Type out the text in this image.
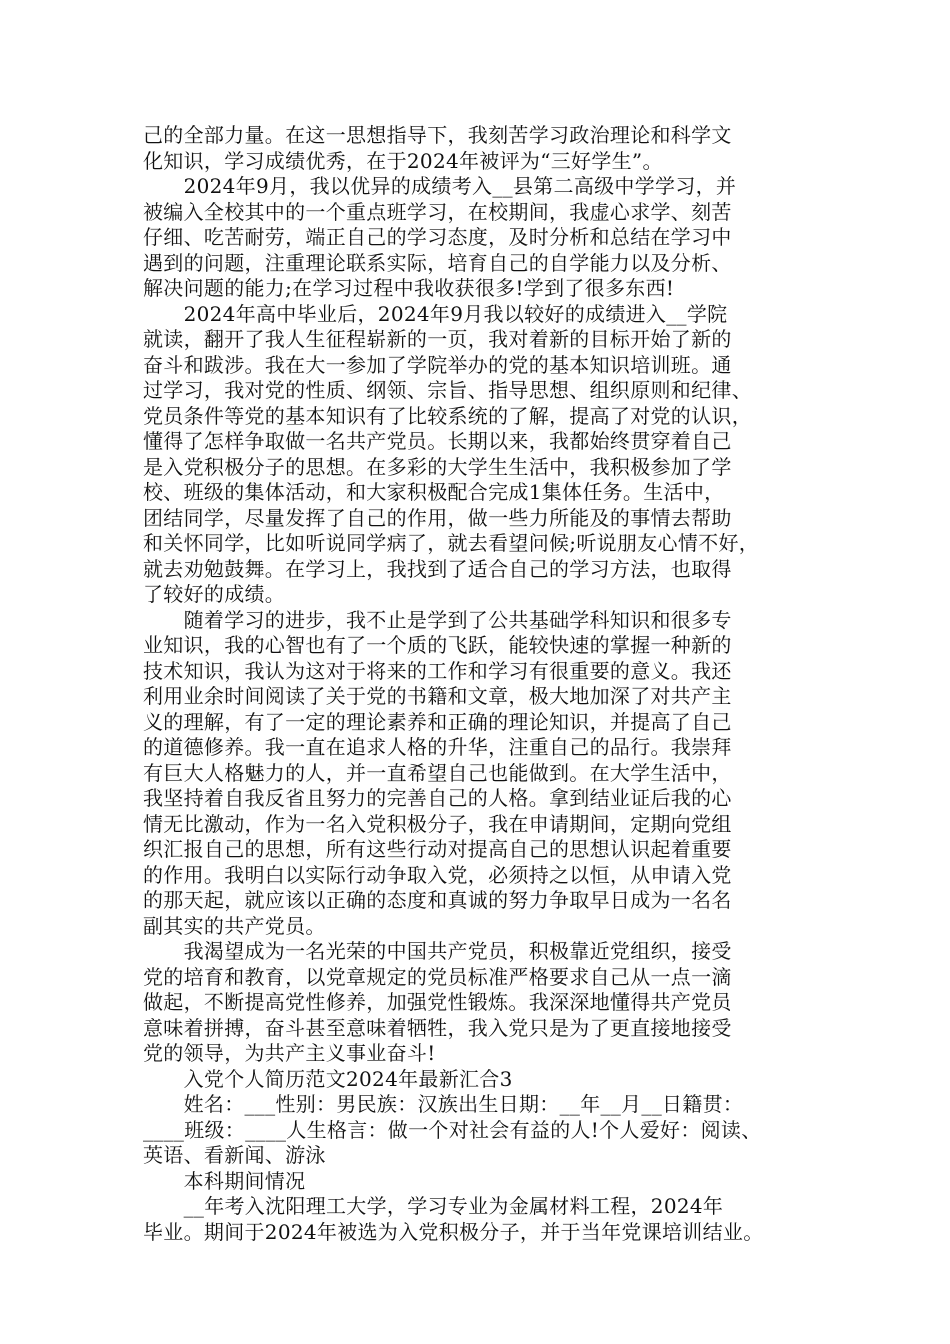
己的全部力量。在这一思想指导下，我刻苦学习政治理论和科学文

化知识，学习成绩优秀，在于2024年被评为“三好学生”。

　　2024年9月，我以优异的成绩考入__县第二高级中学学习，并

被编入全校其中的一个重点班学习，在校期间，我虚心求学、刻苦

仔细、吃苦耐劳，端正自己的学习态度，及时分析和总结在学习中

遇到的问题，注重理论联系实际，培育自己的自学能力以及分析、

解决问题的能力;在学习过程中我收获很多!学到了很多东西!

　　2024年高中毕业后，2024年9月我以较好的成绩进入__学院

就读，翻开了我人生征程崭新的一页，我对着新的目标开始了新的

奋斗和跋涉。我在大一参加了学院举办的党的基本知识培训班。通

过学习，我对党的性质、纲领、宗旨、指导思想、组织原则和纪律、

党员条件等党的基本知识有了比较系统的了解，提高了对党的认识，

懂得了怎样争取做一名共产党员。长期以来，我都始终贯穿着自己

是入党积极分子的思想。在多彩的大学生生活中，我积极参加了学

校、班级的集体活动，和大家积极配合完成1集体任务。生活中，

团结同学，尽量发挥了自己的作用，做一些力所能及的事情去帮助

和关怀同学，比如听说同学病了，就去看望问候;听说朋友心情不好，

就去劝勉鼓舞。在学习上，我找到了适合自己的学习方法，也取得

了较好的成绩。

　　随着学习的进步，我不止是学到了公共基础学科知识和很多专

业知识，我的心智也有了一个质的飞跃，能较快速的掌握一种新的

技术知识，我认为这对于将来的工作和学习有很重要的意义。我还

利用业余时间阅读了关于党的书籍和文章，极大地加深了对共产主

义的理解，有了一定的理论素养和正确的理论知识，并提高了自己

的道德修养。我一直在追求人格的升华，注重自己的品行。我崇拜

有巨大人格魅力的人，并一直希望自己也能做到。在大学生活中，

我坚持着自我反省且努力的完善自己的人格。拿到结业证后我的心

情无比激动，作为一名入党积极分子，我在申请期间，定期向党组

织汇报自己的思想，所有这些行动对提高自己的思想认识起着重要

的作用。我明白以实际行动争取入党，必须持之以恒，从申请入党

的那天起，就应该以正确的态度和真诚的努力争取早日成为一名名

副其实的共产党员。

　　我渴望成为一名光荣的中国共产党员，积极靠近党组织，接受

党的培育和教育，以党章规定的党员标准严格要求自己从一点一滴

做起，不断提高党性修养，加强党性锻炼。我深深地懂得共产党员

意味着拼搏，奋斗甚至意味着牺牲，我入党只是为了更直接地接受

党的领导，为共产主义事业奋斗!

　　入党个人简历范文2024年最新汇合3

　　姓名：___性别：男民族：汉族出生日期：__年__月__日籍贯：

____班级：____人生格言：做一个对社会有益的人!个人爱好：阅读、

英语、看新闻、游泳

　　本科期间情况

　　__年考入沈阳理工大学，学习专业为金属材料工程，2024年

毕业。期间于2024年被选为入党积极分子，并于当年党课培训结业。
